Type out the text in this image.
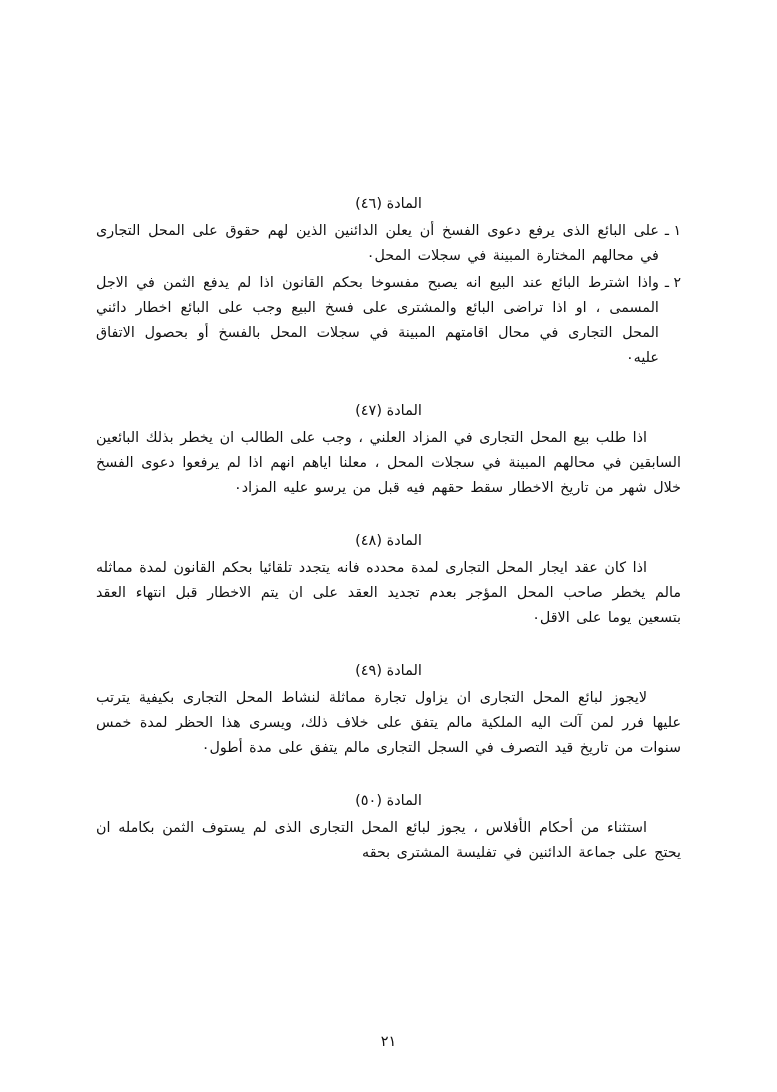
المادة (٤٦)
١ ـ
على البائع الذى يرفع دعوى الفسخ أن يعلن الدائنين الذين لهم حقوق على المحل التجارى في محالهم المختارة المبينة في سجلات المحل٠
٢ ـ
واذا اشترط البائع عند البيع انه يصبح مفسوخا بحكم القانون اذا لم يدفع الثمن في الاجل المسمى ، او اذا تراضى البائع والمشترى على فسخ البيع وجب على البائع اخطار دائني المحل التجارى في محال اقامتهم المبينة في سجلات المحل بالفسخ أو بحصول الاتفاق عليه٠
المادة (٤٧)
اذا طلب بيع المحل التجارى في المزاد العلني ، وجب على الطالب ان يخطر بذلك البائعين السابقين في محالهم المبينة في سجلات المحل ، معلنا اياهم انهم اذا لم يرفعوا دعوى الفسخ خلال شهر من تاريخ الاخطار سقط حقهم فيه قبل من يرسو عليه المزاد٠
المادة (٤٨)
اذا كان عقد ايجار المحل التجارى لمدة محدده فانه يتجدد تلقائيا بحكم القانون لمدة مماثله مالم يخطر صاحب المحل المؤجر بعدم تجديد العقد على ان يتم الاخطار قبل انتهاء العقد بتسعين يوما على الاقل٠
المادة (٤٩)
لايجوز لبائع المحل التجارى ان يزاول تجارة مماثلة لنشاط المحل التجارى بكيفية يترتب عليها فرر لمن آلت اليه الملكية مالم يتفق على خلاف ذلك، ويسرى هذا الحظر لمدة خمس سنوات من تاريخ قيد التصرف في السجل التجارى مالم يتفق على مدة أطول٠
المادة (٥٠)
استثناء من أحكام الأفلاس ، يجوز لبائع المحل التجارى الذى لم يستوف الثمن بكامله ان يحتج على جماعة الدائنين في تفليسة المشترى بحقه
٢١
